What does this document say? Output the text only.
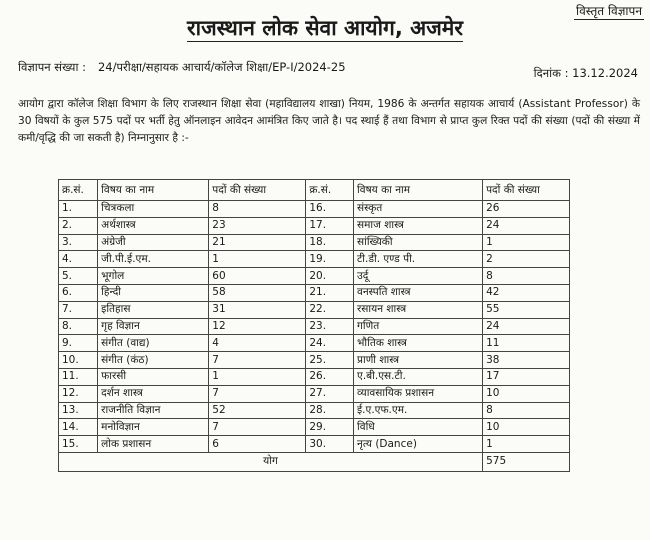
विस्तृत विज्ञापन
राजस्थान लोक सेवा आयोग, अजमेर
विज्ञापन संख्या : 24/परीक्षा/सहायक आचार्य/कॉलेज शिक्षा/EP-I/2024-25	दिनांक : 13.12.2024
आयोग द्वारा कॉलेज शिक्षा विभाग के लिए राजस्थान शिक्षा सेवा (महाविद्यालय शाखा) नियम, 1986 के अन्तर्गत सहायक आचार्य (Assistant Professor) के 30 विषयों के कुल 575 पदों पर भर्ती हेतु ऑनलाइन आवेदन आमंत्रित किए जाते है। पद स्थाई हैं तथा विभाग से प्राप्त कुल रिक्त पदों की संख्या (पदों की संख्या में कमी/वृद्धि की जा सकती है) निम्नानुसार है :-
क्र.सं.	विषय का नाम	पदों की संख्या	क्र.सं.	विषय का नाम	पदों की संख्या
1.	चित्रकला	8	16.	संस्कृत	26
2.	अर्थशास्त्र	23	17.	समाज शास्त्र	24
3.	अंग्रेजी	21	18.	सांख्यिकी	1
4.	जी.पी.ई.एम.	1	19.	टी.डी. एण्ड पी.	2
5.	भूगोल	60	20.	उर्दू	8
6.	हिन्दी	58	21.	वनस्पति शास्त्र	42
7.	इतिहास	31	22.	रसायन शास्त्र	55
8.	गृह विज्ञान	12	23.	गणित	24
9.	संगीत (वाद्य)	4	24.	भौतिक शास्त्र	11
10.	संगीत (कंठ)	7	25.	प्राणी शास्त्र	38
11.	फारसी	1	26.	ए.बी.एस.टी.	17
12.	दर्शन शास्त्र	7	27.	व्यावसायिक प्रशासन	10
13.	राजनीति विज्ञान	52	28.	ई.ए.एफ.एम.	8
14.	मनोविज्ञान	7	29.	विधि	10
15.	लोक प्रशासन	6	30.	नृत्य (Dance)	1
योग					575
